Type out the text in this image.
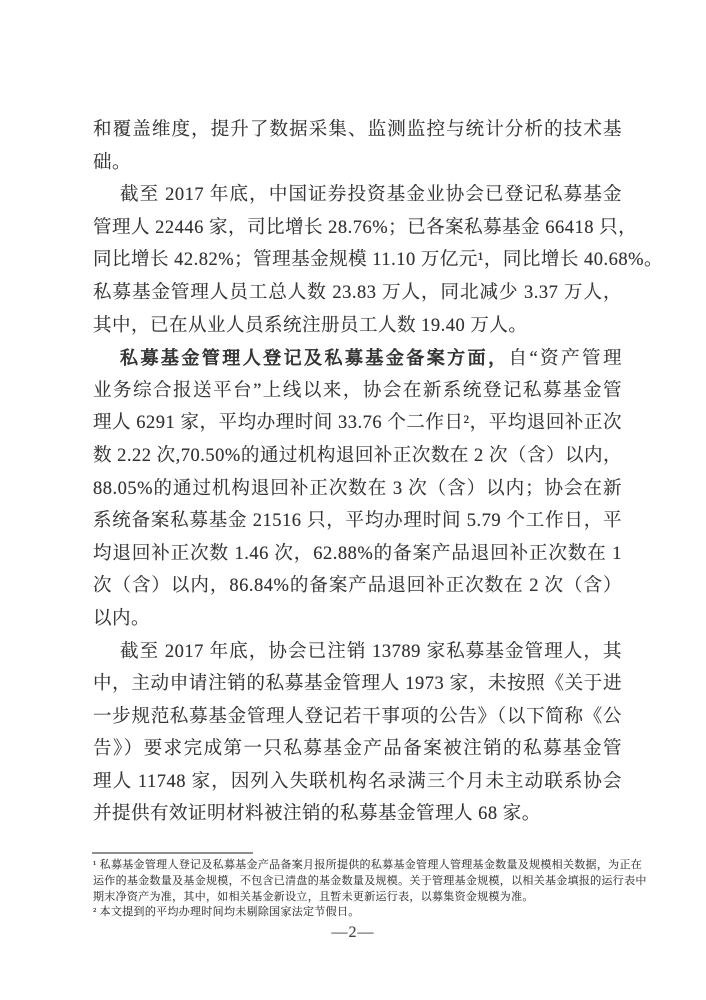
和覆盖维度，提升了数据采集、监测监控与统计分析的技术基
础。
截至 2017 年底，中国证券投资基金业协会已登记私募基金
管理人 22446 家，司比增长 28.76%；已各案私募基金 66418 只，
同比增长 42.82%；管理基金规模 11.10 万亿元¹，同比增长 40.68%。
私募基金管理人员工总人数 23.83 万人，同北减少 3.37 万人，
其中，已在从业人员系统注册员工人数 19.40 万人。
私募基金管理人登记及私募基金备案方面，自“资产管理
业务综合报送平台”上线以来，协会在新系统登记私募基金管
理人 6291 家，平均办理时间 33.76 个二作日²，平均退回补正次
数 2.22 次,70.50%的通过机构退回补正次数在 2 次（含）以内，
88.05%的通过机构退回补正次数在 3 次（含）以内；协会在新
系统备案私募基金 21516 只，平均办理时间 5.79 个工作日，平
均退回补正次数 1.46 次，62.88%的备案产品退回补正次数在 1
次（含）以内，86.84%的备案产品退回补正次数在 2 次（含）
以内。
截至 2017 年底，协会已注销 13789 家私募基金管理人，其
中，主动申请注销的私募基金管理人 1973 家，未按照《关于进
一步规范私募基金管理人登记若干事项的公告》（以下简称《公
告》）要求完成第一只私募基金产品备案被注销的私募基金管
理人 11748 家，因列入失联机构名录满三个月未主动联系协会
并提供有效证明材料被注销的私募基金管理人 68 家。
¹ 私募基金管理人登记及私募基金产品备案月报所提供的私募基金管理人管理基金数量及规模相关数据，为正在
运作的基金数量及基金规模，不包含已清盘的基金数量及规模。关于管理基金规模，以相关基金填报的运行表中
期末净资产为准，其中，如相关基金新设立，且暂未更新运行表，以募集资金规模为准。
² 本文提到的平均办理时间均未剔除国家法定节假日。
—2—
